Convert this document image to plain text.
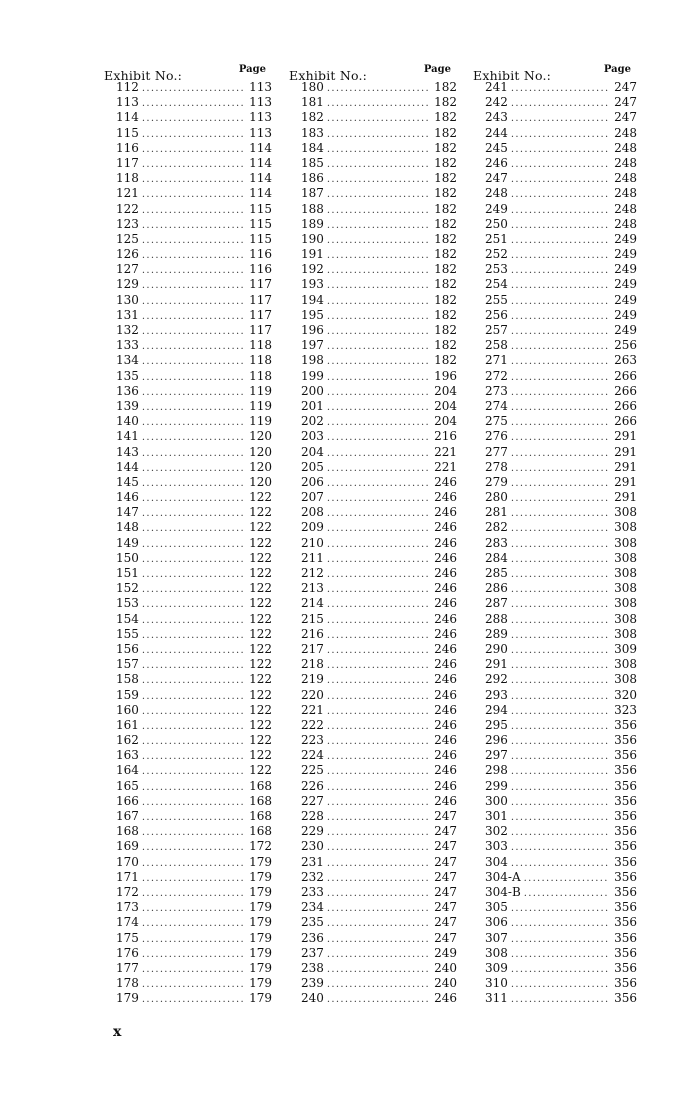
Exhibit No.:	Page
112 .....	113
113 .....	113
114 .....	113
115 .....	113
116 .....	114
117 .....	114
118 .....	114
121 .....	114
122 .....	115
123 .....	115
125 .....	115
126 .....	116
127 .....	116
129 .....	117
130 .....	117
131 .....	117
132 .....	117
133 .....	118
134 .....	118
135 .....	118
136 .....	119
139 .....	119
140 .....	119
141 .....	120
143 .....	120
144 .....	120
145 .....	120
146 .....	122
147 .....	122
148 .....	122
149 .....	122
150 .....	122
151 .....	122
152 .....	122
153 .....	122
154 .....	122
155 .....	122
156 .....	122
157 .....	122
158 .....	122
159 .....	122
160 .....	122
161 .....	122
162 .....	122
163 .....	122
164 .....	122
165 .....	168
166 .....	168
167 .....	168
168 .....	168
169 .....	172
170 .....	179
171 .....	179
172 .....	179
173 .....	179
174 .....	179
175 .....	179
176 .....	179
177 .....	179
178 .....	179
179 .....	179
Exhibit No.:	Page
180 .....	182
181 .....	182
182 .....	182
183 .....	182
184 .....	182
185 .....	182
186 .....	182
187 .....	182
188 .....	182
189 .....	182
190 .....	182
191 .....	182
192 .....	182
193 .....	182
194 .....	182
195 .....	182
196 .....	182
197 .....	182
198 .....	182
199 .....	196
200 .....	204
201 .....	204
202 .....	204
203 .....	216
204 .....	221
205 .....	221
206 .....	246
207 .....	246
208 .....	246
209 .....	246
210 .....	246
211 .....	246
212 .....	246
213 .....	246
214 .....	246
215 .....	246
216 .....	246
217 .....	246
218 .....	246
219 .....	246
220 .....	246
221 .....	246
222 .....	246
223 .....	246
224 .....	246
225 .....	246
226 .....	246
227 .....	246
228 .....	247
229 .....	247
230 .....	247
231 .....	247
232 .....	247
233 .....	247
234 .....	247
235 .....	247
236 .....	247
237 .....	249
238 .....	240
239 .....	240
240 .....	246
Exhibit No.:	Page
241 .....	247
242 .....	247
243 .....	247
244 .....	248
245 .....	248
246 .....	248
247 .....	248
248 .....	248
249 .....	248
250 .....	248
251 .....	249
252 .....	249
253 .....	249
254 .....	249
255 .....	249
256 .....	249
257 .....	249
258 .....	256
271 .....	263
272 .....	266
273 .....	266
274 .....	266
275 .....	266
276 .....	291
277 .....	291
278 .....	291
279 .....	291
280 .....	291
281 .....	308
282 .....	308
283 .....	308
284 .....	308
285 .....	308
286 .....	308
287 .....	308
288 .....	308
289 .....	308
290 .....	309
291 .....	308
292 .....	308
293 .....	320
294 .....	323
295 .....	356
296 .....	356
297 .....	356
298 .....	356
299 .....	356
300 .....	356
301 .....	356
302 .....	356
303 .....	356
304 .....	356
304-A .....	356
304-B .....	356
305 .....	356
306 .....	356
307 .....	356
308 .....	356
309 .....	356
310 .....	356
311 .....	356
x
